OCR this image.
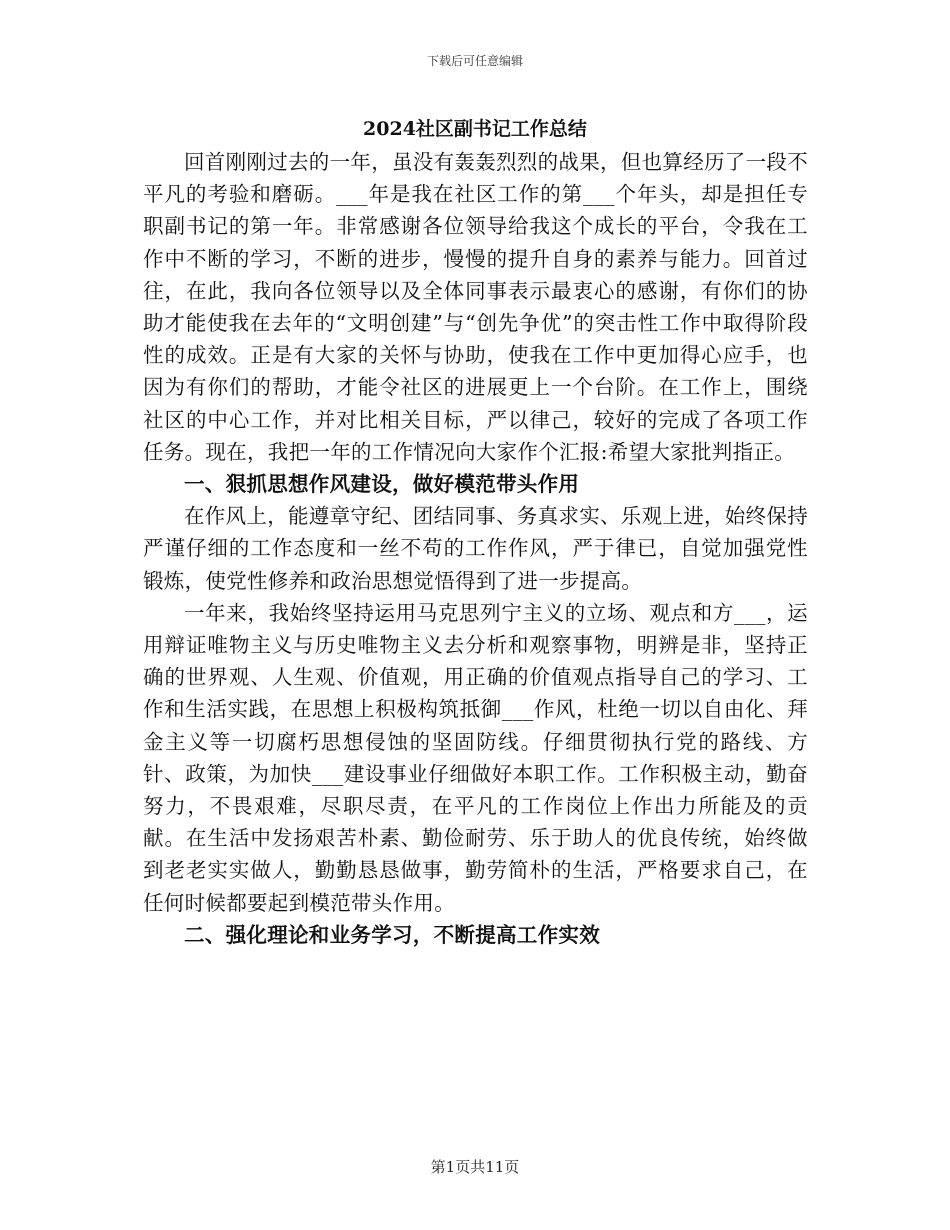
下载后可任意编辑
2024社区副书记工作总结

回首刚刚过去的一年，虽没有轰轰烈烈的战果，但也算经历了一段不平凡的考验和磨砺。___年是我在社区工作的第___个年头，却是担任专职副书记的第一年。非常感谢各位领导给我这个成长的平台，令我在工作中不断的学习，不断的进步，慢慢的提升自身的素养与能力。回首过往，在此，我向各位领导以及全体同事表示最衷心的感谢，有你们的协助才能使我在去年的“文明创建”与“创先争优”的突击性工作中取得阶段性的成效。正是有大家的关怀与协助，使我在工作中更加得心应手，也因为有你们的帮助，才能令社区的进展更上一个台阶。在工作上，围绕社区的中心工作，并对比相关目标，严以律己，较好的完成了各项工作任务。现在，我把一年的工作情况向大家作个汇报:希望大家批判指正。

一、狠抓思想作风建设，做好模范带头作用

在作风上，能遵章守纪、团结同事、务真求实、乐观上进，始终保持严谨仔细的工作态度和一丝不苟的工作作风，严于律已，自觉加强党性锻炼，使党性修养和政治思想觉悟得到了进一步提高。

一年来，我始终坚持运用马克思列宁主义的立场、观点和方___，运用辩证唯物主义与历史唯物主义去分析和观察事物，明辨是非，坚持正确的世界观、人生观、价值观，用正确的价值观点指导自己的学习、工作和生活实践，在思想上积极构筑抵御___作风，杜绝一切以自由化、拜金主义等一切腐朽思想侵蚀的坚固防线。仔细贯彻执行党的路线、方针、政策，为加快___建设事业仔细做好本职工作。工作积极主动，勤奋努力，不畏艰难，尽职尽责，在平凡的工作岗位上作出力所能及的贡献。在生活中发扬艰苦朴素、勤俭耐劳、乐于助人的优良传统，始终做到老老实实做人，勤勤恳恳做事，勤劳简朴的生活，严格要求自己，在任何时候都要起到模范带头作用。

二、强化理论和业务学习，不断提高工作实效

第1页共11页
